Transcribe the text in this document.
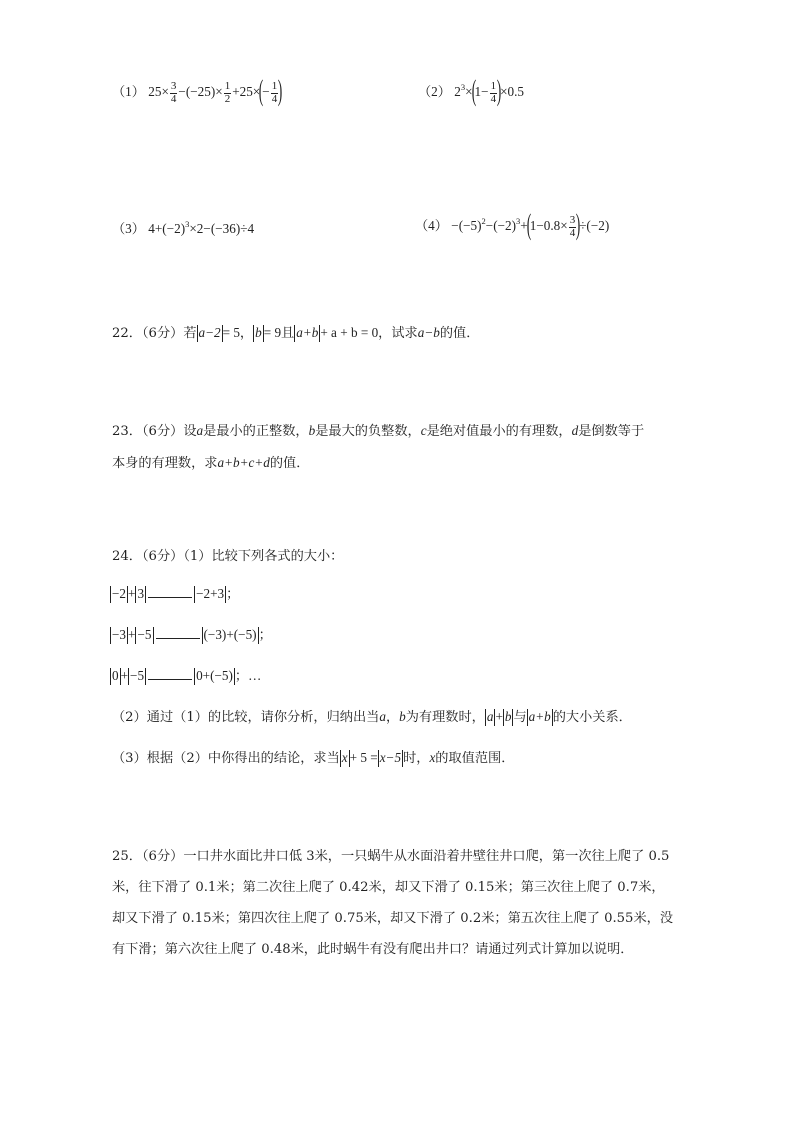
（1） $25\times \frac{3}{4} -(-25)\times \frac{1}{2} +25\times(- \frac{1}{4}$ )	（2） $2^3\times(1- \frac{1}{4} )\times 0.5$
（3） $4+(-2)^3\times 2-(-36)\div 4$	$(4) -(-5)^2-(-2)^3+(1-0.8\times \frac{3}{4} )\div(-2)$
22．（6分）若 a−2 = 5， b = 9且 a+b + a + b = 0，试求a−b的值．
23．（6分）设a是最小的正整数，b是最大的负整数，c是绝对值最小的有理数，d是倒数等于
本身的有理数，求a+b+c+d的值．
24．（6分）（1）比较下列各式的大小：
−2 + 3	−2+3 ；
−3 + −5	(−3)+(−5) ；
0 + −5	0+(−5) ；…
（2）通过（1）的比较，请你分析，归纳出当a，b为有理数时， a + b 与 a+b 的大小关系．
（3）根据（2）中你得出的结论，求当 x + 5 = x−5 时，x的取值范围．
25．（6分）一口井水面比井口低 3米，一只蜗牛从水面沿着井壁往井口爬，第一次往上爬了 0.5
米，往下滑了 0.1米；第二次往上爬了 0.42米，却又下滑了 0.15米；第三次往上爬了 0.7米，
却又下滑了 0.15米；第四次往上爬了 0.75米，却又下滑了 0.2米；第五次往上爬了 0.55米，没
有下滑；第六次往上爬了 0.48米，此时蜗牛有没有爬出井口？请通过列式计算加以说明．
